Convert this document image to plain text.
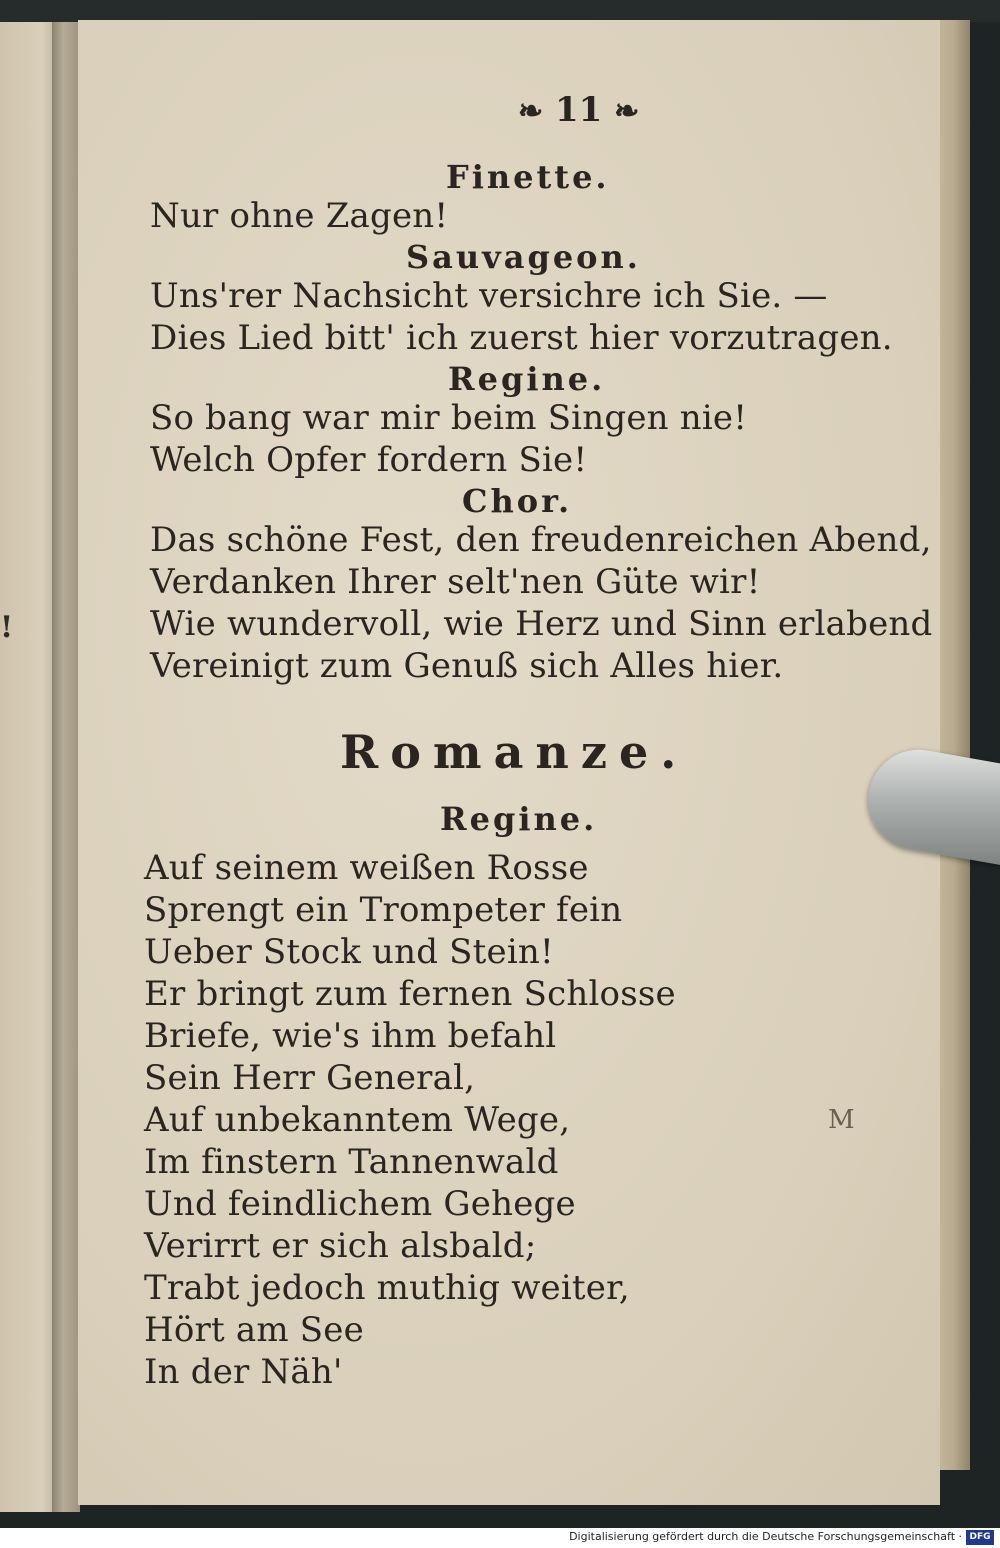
!
❧ 11 ❧
Finette.
Nur ohne Zagen!
Sauvageon.
Uns'rer Nachsicht versichre ich Sie. —
Dies Lied bitt' ich zuerst hier vorzutragen.
Regine.
So bang war mir beim Singen nie!
Welch Opfer fordern Sie!
Chor.
Das schöne Fest, den freudenreichen Abend,
Verdanken Ihrer selt'nen Güte wir!
Wie wundervoll, wie Herz und Sinn erlabend
Vereinigt zum Genuß sich Alles hier.
Romanze.
Regine.
Auf seinem weißen Rosse
Sprengt ein Trompeter fein
Ueber Stock und Stein!
Er bringt zum fernen Schlosse
Briefe, wie's ihm befahl
Sein Herr General,
Auf unbekanntem Wege,
Im finstern Tannenwald
Und feindlichem Gehege
Verirrt er sich alsbald;
Trabt jedoch muthig weiter,
Hört am See
In der Näh'
M
Digitalisierung gefördert durch die Deutsche Forschungsgemeinschaft · DFG
